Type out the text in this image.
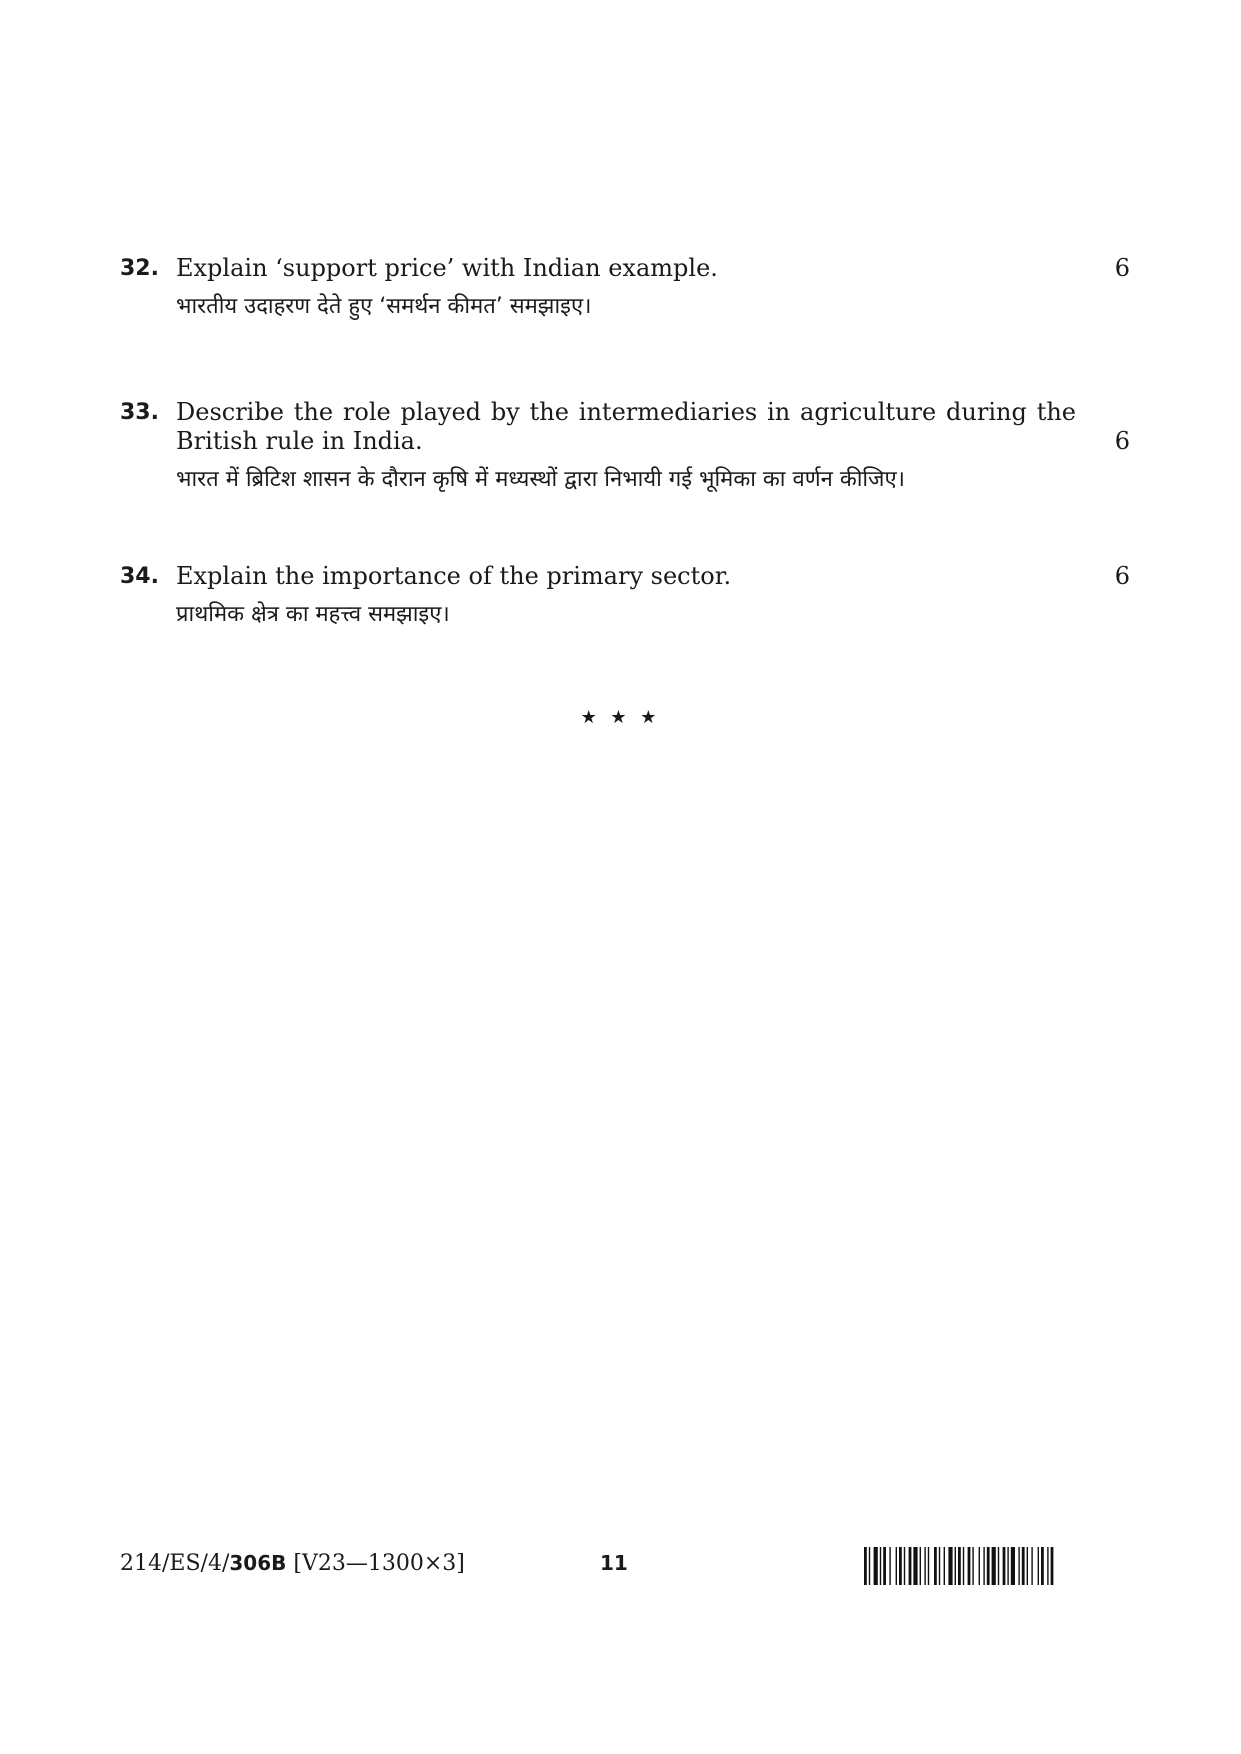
32. Explain ‘support price’ with Indian example.	6
भारतीय उदाहरण देते हुए ‘समर्थन कीमत’ समझाइए।
33. Describe the role played by the intermediaries in agriculture during the British rule in India.	6
भारत में ब्रिटिश शासन के दौरान कृषि में मध्यस्थों द्वारा निभायी गई भूमिका का वर्णन कीजिए।
34. Explain the importance of the primary sector.	6
प्राथमिक क्षेत्र का महत्त्व समझाइए।
★ ★ ★
214/ES/4/306B [V23—1300×3]	11
